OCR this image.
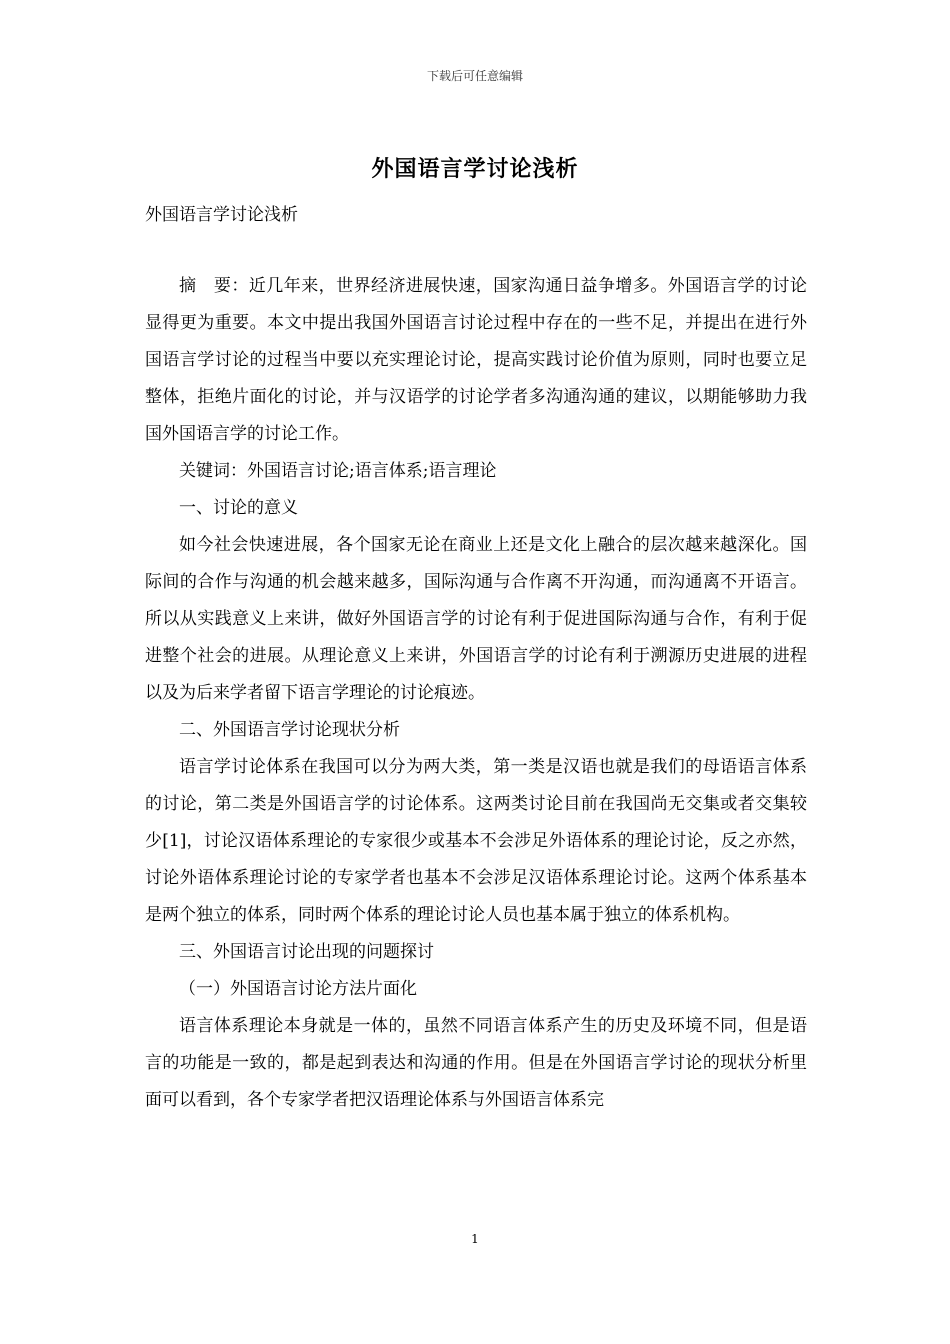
下载后可任意编辑
外国语言学讨论浅析
外国语言学讨论浅析

摘　要：近几年来，世界经济进展快速，国家沟通日益争增多。外国语言学的讨论显得更为重要。本文中提出我国外国语言讨论过程中存在的一些不足，并提出在进行外国语言学讨论的过程当中要以充实理论讨论，提高实践讨论价值为原则，同时也要立足整体，拒绝片面化的讨论，并与汉语学的讨论学者多沟通沟通的建议，以期能够助力我国外国语言学的讨论工作。

关键词：外国语言讨论;语言体系;语言理论

一、讨论的意义

如今社会快速进展，各个国家无论在商业上还是文化上融合的层次越来越深化。国际间的合作与沟通的机会越来越多，国际沟通与合作离不开沟通，而沟通离不开语言。所以从实践意义上来讲，做好外国语言学的讨论有利于促进国际沟通与合作，有利于促进整个社会的进展。从理论意义上来讲，外国语言学的讨论有利于溯源历史进展的进程以及为后来学者留下语言学理论的讨论痕迹。

二、外国语言学讨论现状分析

语言学讨论体系在我国可以分为两大类，第一类是汉语也就是我们的母语语言体系的讨论，第二类是外国语言学的讨论体系。这两类讨论目前在我国尚无交集或者交集较少[1]，讨论汉语体系理论的专家很少或基本不会涉足外语体系的理论讨论，反之亦然，讨论外语体系理论讨论的专家学者也基本不会涉足汉语体系理论讨论。这两个体系基本是两个独立的体系，同时两个体系的理论讨论人员也基本属于独立的体系机构。

三、外国语言讨论出现的问题探讨

（一）外国语言讨论方法片面化

语言体系理论本身就是一体的，虽然不同语言体系产生的历史及环境不同，但是语言的功能是一致的，都是起到表达和沟通的作用。但是在外国语言学讨论的现状分析里面可以看到，各个专家学者把汉语理论体系与外国语言体系完

1
